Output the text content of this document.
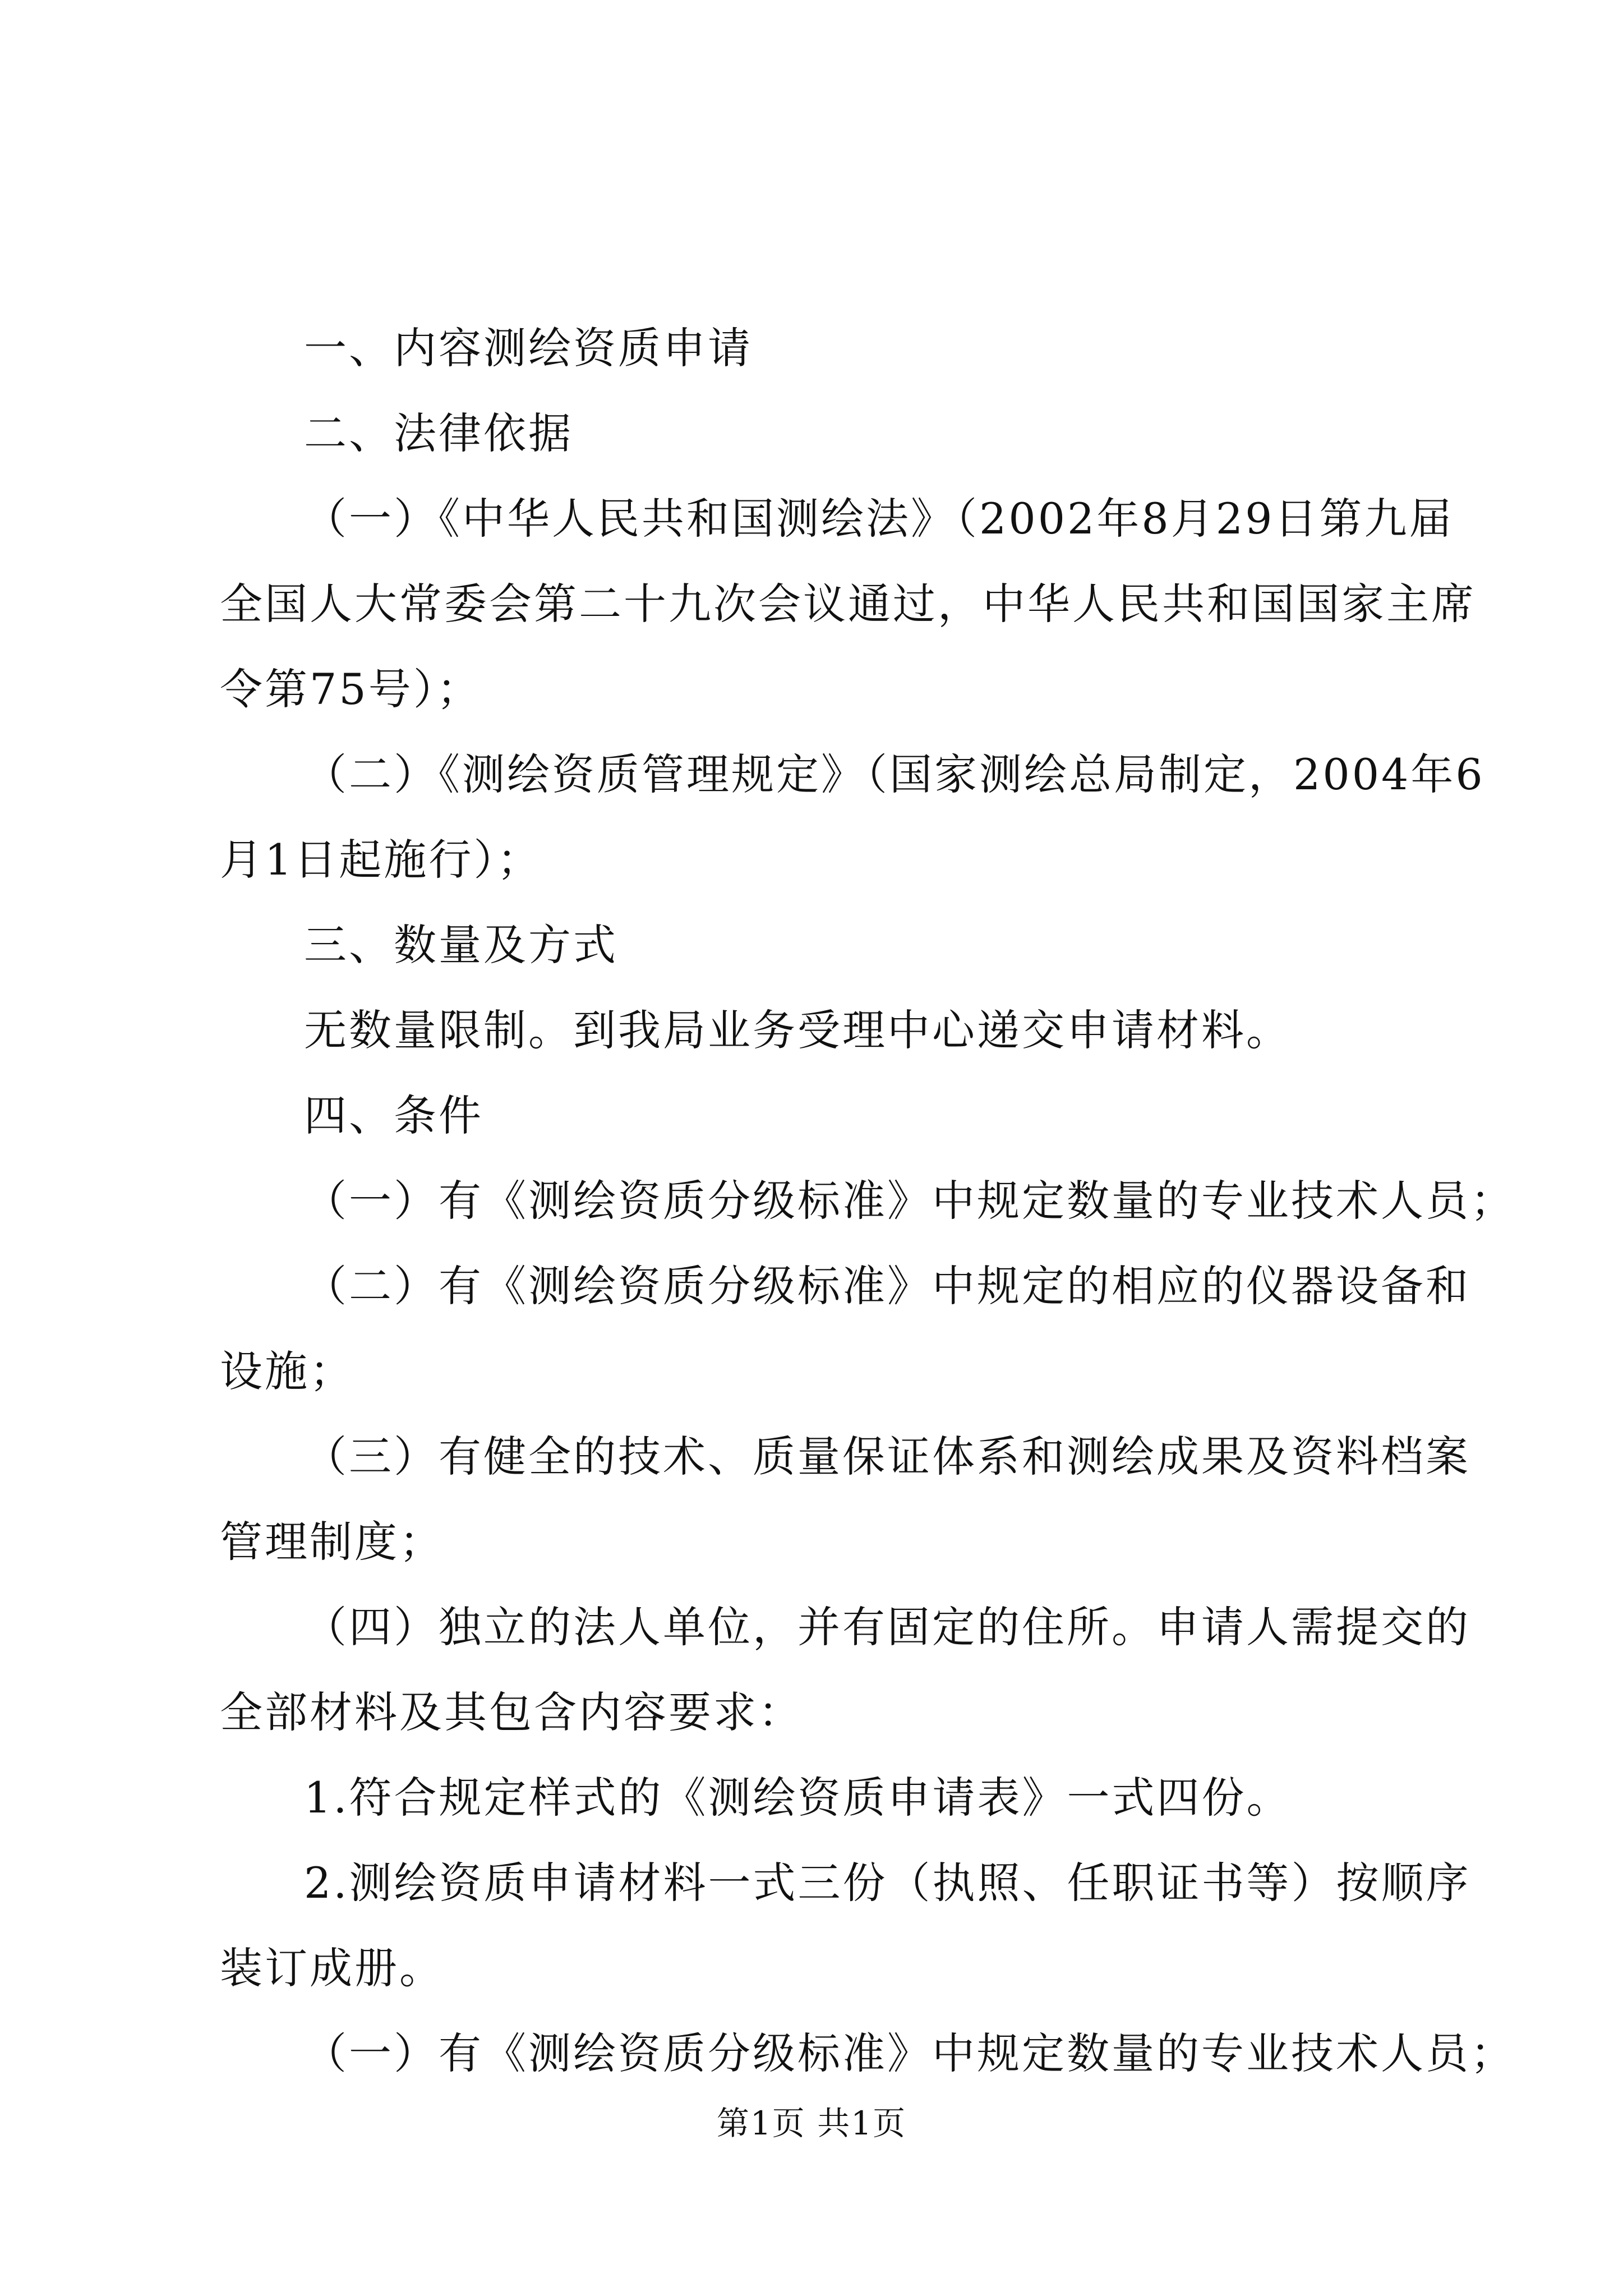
一、内容测绘资质申请
二、法律依据
（一）《中华人民共和国测绘法》（2002年8月29日第九届
全国人大常委会第二十九次会议通过，中华人民共和国国家主席
令第75号）；
（二）《测绘资质管理规定》（国家测绘总局制定，2004年6
月1日起施行）；
三、数量及方式
无数量限制。到我局业务受理中心递交申请材料。
四、条件
（一）有《测绘资质分级标准》中规定数量的专业技术人员；
（二）有《测绘资质分级标准》中规定的相应的仪器设备和
设施；
（三）有健全的技术、质量保证体系和测绘成果及资料档案
管理制度；
（四）独立的法人单位，并有固定的住所。申请人需提交的
全部材料及其包含内容要求：
1.符合规定样式的《测绘资质申请表》一式四份。
2.测绘资质申请材料一式三份（执照、任职证书等）按顺序
装订成册。
（一）有《测绘资质分级标准》中规定数量的专业技术人员；
第1页 共1页
